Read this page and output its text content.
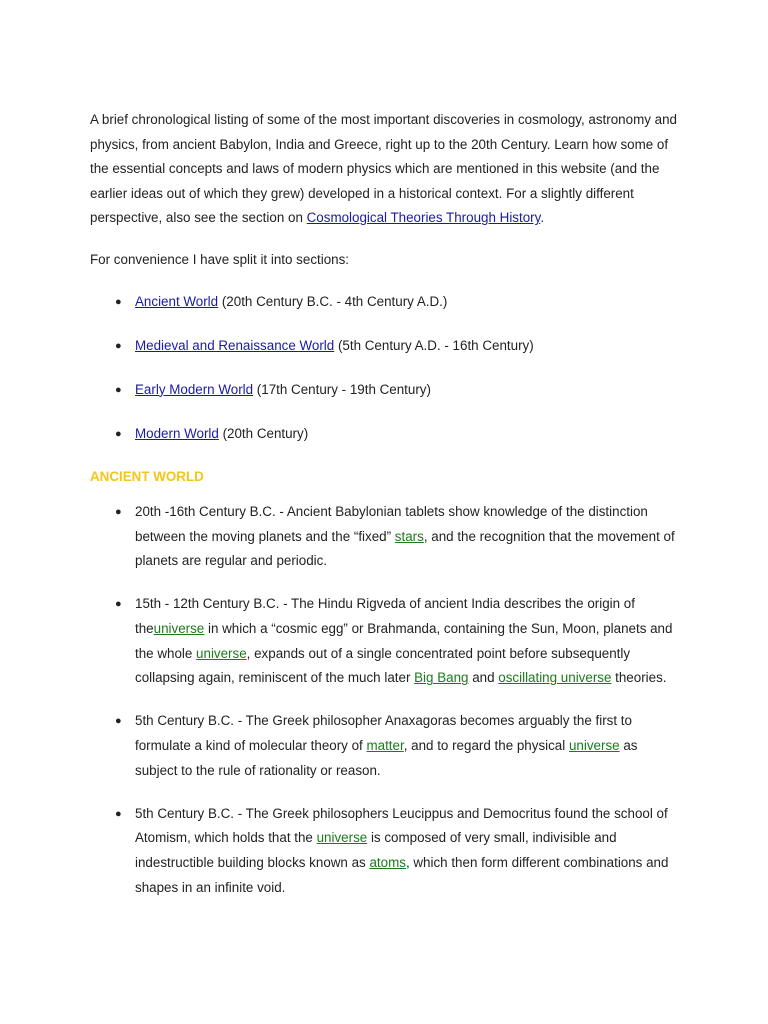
A brief chronological listing of some of the most important discoveries in cosmology, astronomy and physics, from ancient Babylon, India and Greece, right up to the 20th Century. Learn how some of the essential concepts and laws of modern physics which are mentioned in this website (and the earlier ideas out of which they grew) developed in a historical context. For a slightly different perspective, also see the section on Cosmological Theories Through History.

For convenience I have split it into sections:

● Ancient World (20th Century B.C. - 4th Century A.D.)
● Medieval and Renaissance World (5th Century A.D. - 16th Century)
● Early Modern World (17th Century - 19th Century)
● Modern World (20th Century)
ANCIENT WORLD
● 20th -16th Century B.C. - Ancient Babylonian tablets show knowledge of the distinction between the moving planets and the “fixed” stars, and the recognition that the movement of planets are regular and periodic.
● 15th - 12th Century B.C. - The Hindu Rigveda of ancient India describes the origin of theuniverse in which a “cosmic egg” or Brahmanda, containing the Sun, Moon, planets and the whole universe, expands out of a single concentrated point before subsequently collapsing again, reminiscent of the much later Big Bang and oscillating universe theories.
● 5th Century B.C. - The Greek philosopher Anaxagoras becomes arguably the first to formulate a kind of molecular theory of matter, and to regard the physical universe as subject to the rule of rationality or reason.
● 5th Century B.C. - The Greek philosophers Leucippus and Democritus found the school of Atomism, which holds that the universe is composed of very small, indivisible and indestructible building blocks known as atoms, which then form different combinations and shapes in an infinite void.
